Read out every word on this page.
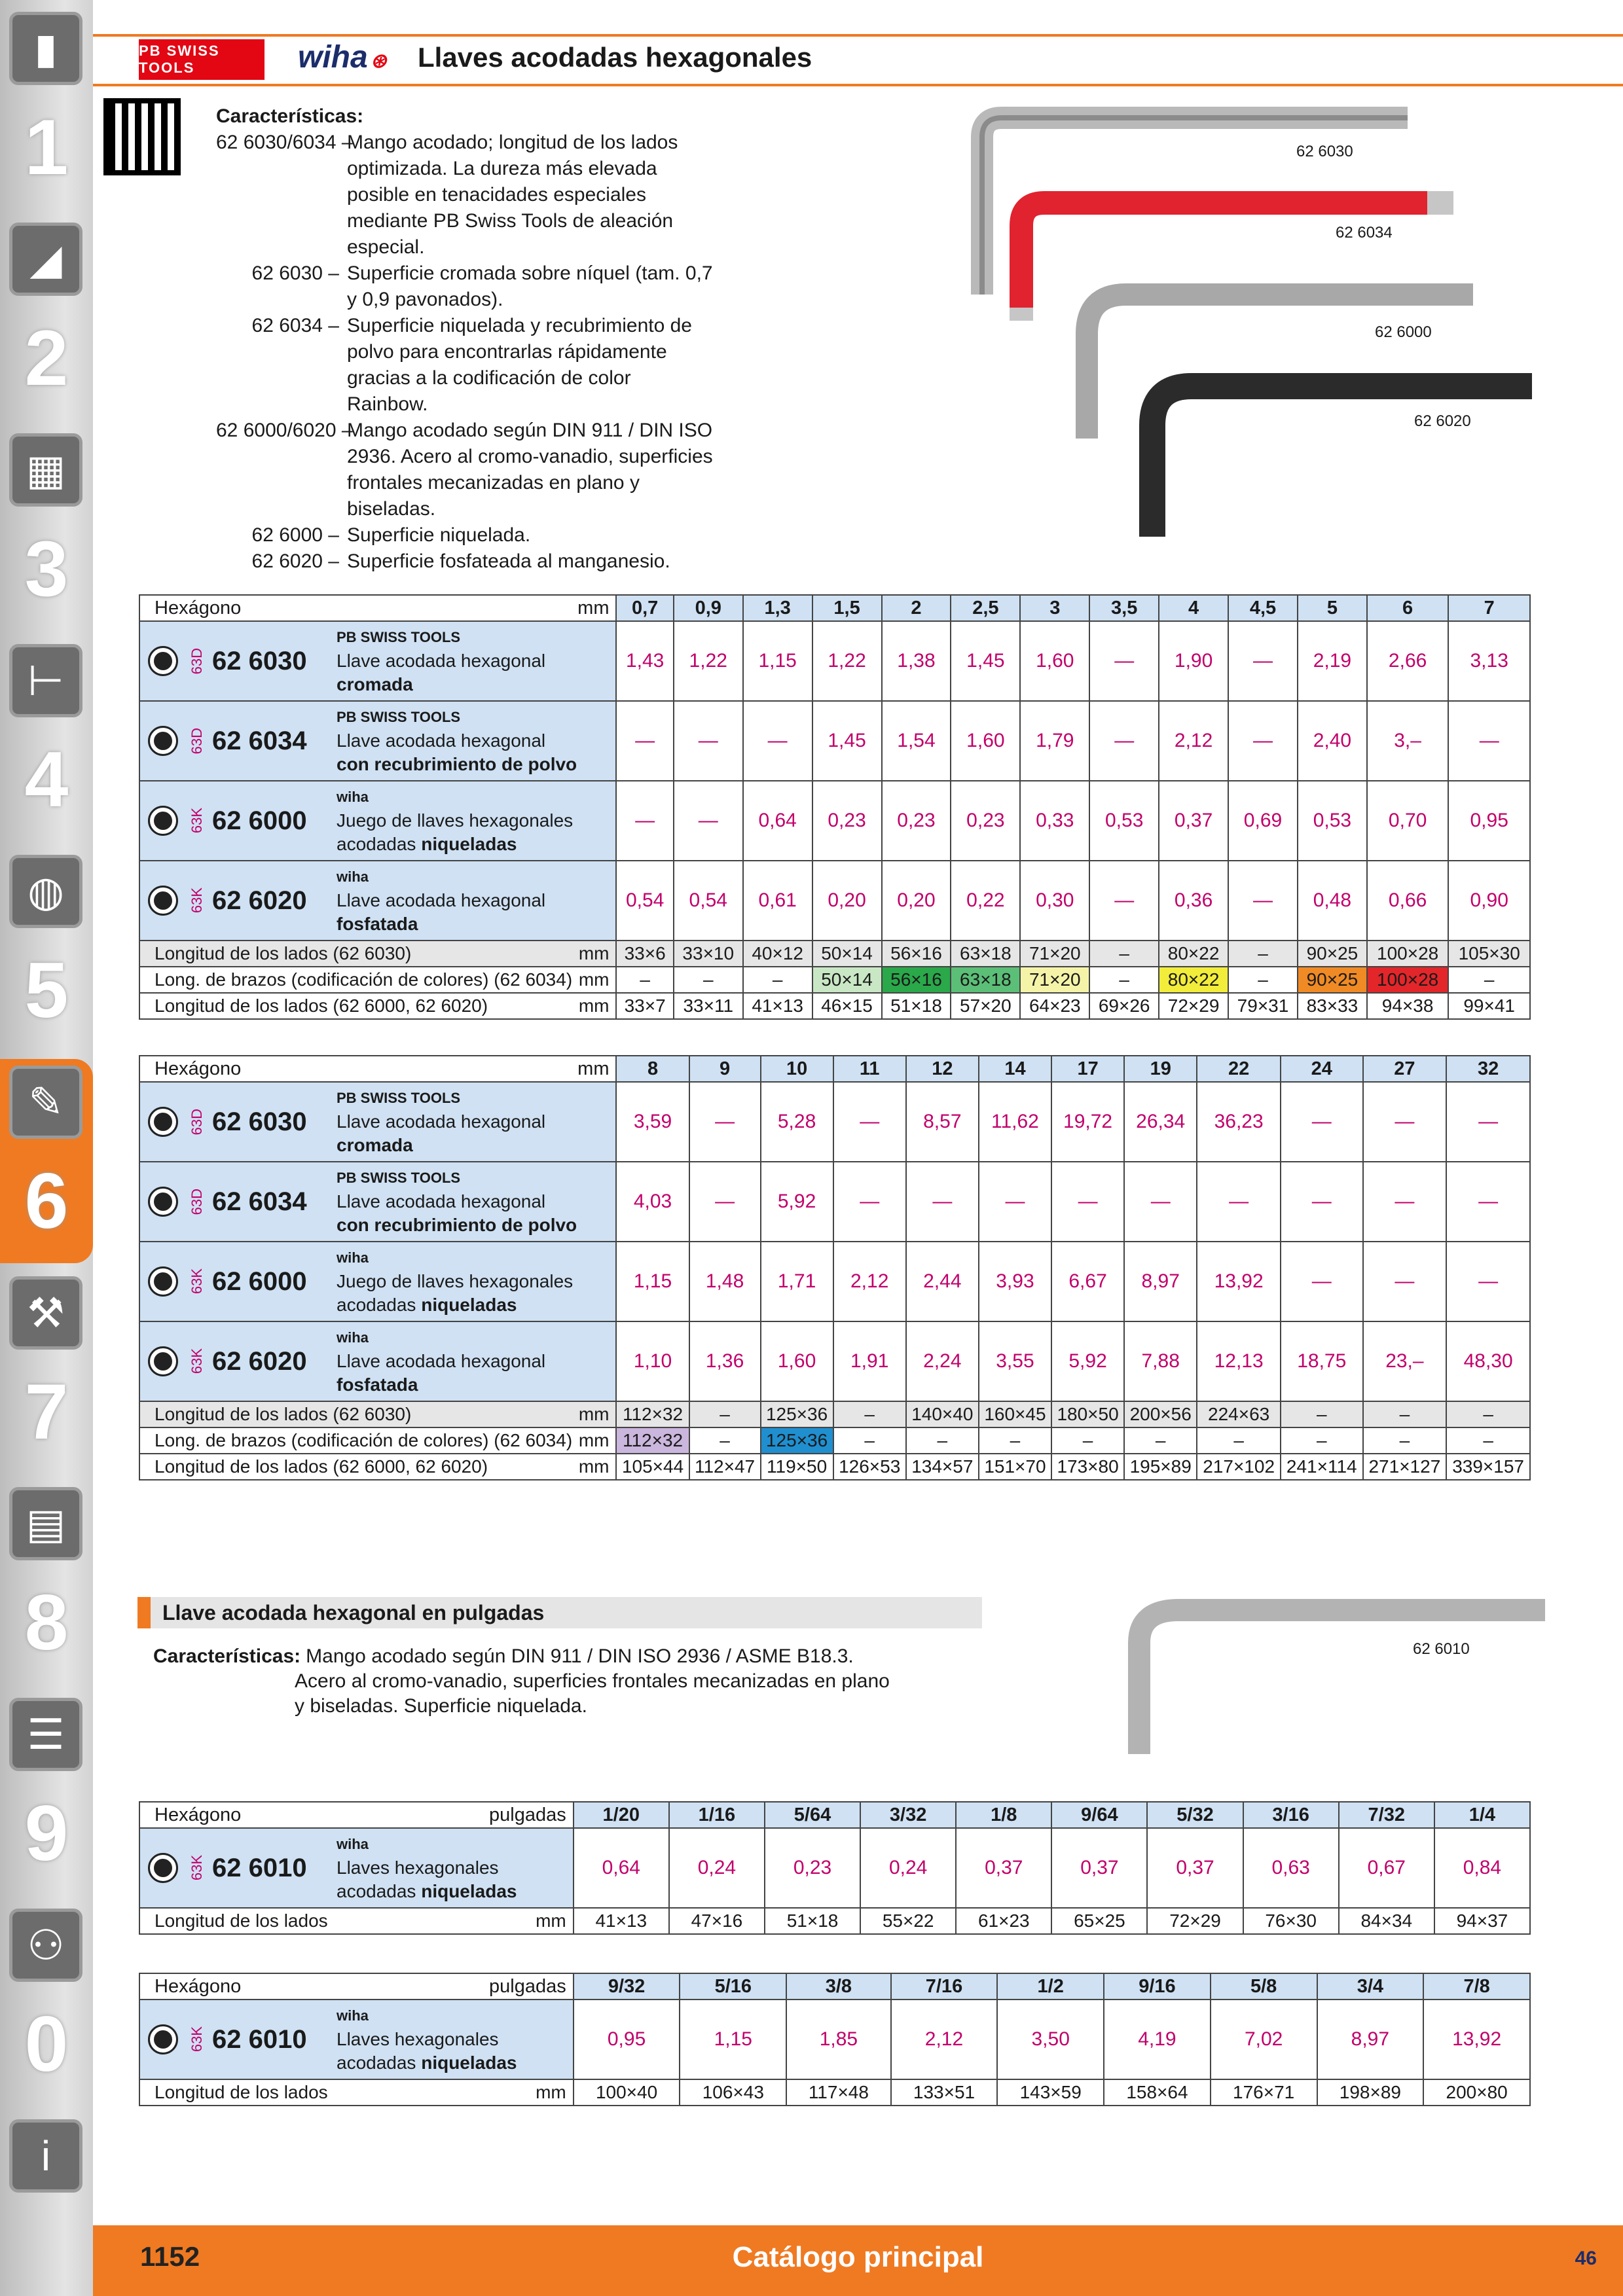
▮
1
◢
2
▦
3
⊢
4
◍
5
✎
6
⚒
7
▤
8
☰
9
⚇
0
i
PB SWISS TOOLS	wiha ⊛ Llaves acodadas hexagonales
Características:
62 6030/6034 –
Mango acodado; longitud de los lados optimizada. La dureza más elevada posible en tenacidades especiales mediante PB Swiss Tools de aleación especial.
62 6030 – Superficie cromada sobre níquel (tam. 0,7 y 0,9 pavonados).
62 6034 – Superficie niquelada y recubrimiento de polvo para encontrarlas rápidamente gracias a la codificación de color Rainbow.
62 6000/6020 –
Mango acodado según DIN 911 / DIN ISO 2936. Acero al cromo-vanadio, superficies frontales mecanizadas en plano y biseladas.
62 6000 – Superficie niquelada.
62 6020 – Superficie fosfateada al manganesio.
62 6030
62 6034
62 6000
62 6020
Hexágono	mm	0,7	0,9	1,3	1,5	2	2,5	3	3,5	4	4,5	5	6	7

63D 62 6030
PB SWISS TOOLS
Llave acodada hexagonal
cromada		1,43	1,22	1,15	1,22	1,38	1,45	1,60	—	1,90	—	2,19	2,66	3,13

63D 62 6034
PB SWISS TOOLS
Llave acodada hexagonal
con recubrimiento de polvo		—	—	—	1,45	1,54	1,60	1,79	—	2,12	—	2,40	3,–	—

63K 62 6000
wiha
Juego de llaves hexagonales
acodadas niqueladas		—	—	0,64	0,23	0,23	0,23	0,33	0,53	0,37	0,69	0,53	0,70	0,95

63K 62 6020
wiha
Llave acodada hexagonal
fosfatada		0,54	0,54	0,61	0,20	0,20	0,22	0,30	—	0,36	—	0,48	0,66	0,90
Longitud de los lados (62 6030)	mm	33×6	33×10	40×12	50×14	56×16	63×18	71×20	–	80×22	–	90×25	100×28	105×30
Long. de brazos (codificación de colores) (62 6034)	mm	–	–	–	50×14	56×16	63×18	71×20	–	80×22	–	90×25	100×28	–
Longitud de los lados (62 6000, 62 6020)	mm	33×7	33×11	41×13	46×15	51×18	57×20	64×23	69×26	72×29	79×31	83×33	94×38	99×41
Hexágono	mm	8	9	10	11	12	14	17	19	22	24	27	32

63D 62 6030
PB SWISS TOOLS
Llave acodada hexagonal
cromada		3,59	—	5,28	—	8,57	11,62	19,72	26,34	36,23	—	—	—

63D 62 6034
PB SWISS TOOLS
Llave acodada hexagonal
con recubrimiento de polvo		4,03	—	5,92	—	—	—	—	—	—	—	—	—

63K 62 6000
wiha
Juego de llaves hexagonales
acodadas niqueladas		1,15	1,48	1,71	2,12	2,44	3,93	6,67	8,97	13,92	—	—	—

63K 62 6020
wiha
Llave acodada hexagonal
fosfatada		1,10	1,36	1,60	1,91	2,24	3,55	5,92	7,88	12,13	18,75	23,–	48,30
Longitud de los lados (62 6030)	mm	112×32	–	125×36	–	140×40	160×45	180×50	200×56	224×63	–	–	–
Long. de brazos (codificación de colores) (62 6034)	mm	112×32	–	125×36	–	–	–	–	–	–	–	–	–
Longitud de los lados (62 6000, 62 6020)	mm	105×44	112×47	119×50	126×53	134×57	151×70	173×80	195×89	217×102	241×114	271×127	339×157
Llave acodada hexagonal en pulgadas
Características: Mango acodado según DIN 911 / DIN ISO 2936 / ASME B18.3.
Acero al cromo-vanadio, superficies frontales mecanizadas en plano
y biseladas. Superficie niquelada.
62 6010
Hexágono	pulgadas	1/20	1/16	5/64	3/32	1/8	9/64	5/32	3/16	7/32	1/4

63K 62 6010
wiha
Llaves hexagonales
acodadas niqueladas		0,64	0,24	0,23	0,24	0,37	0,37	0,37	0,63	0,67	0,84
Longitud de los lados	mm	41×13	47×16	51×18	55×22	61×23	65×25	72×29	76×30	84×34	94×37
Hexágono	pulgadas	9/32	5/16	3/8	7/16	1/2	9/16	5/8	3/4	7/8

63K 62 6010
wiha
Llaves hexagonales
acodadas niqueladas		0,95	1,15	1,85	2,12	3,50	4,19	7,02	8,97	13,92
Longitud de los lados	mm	100×40	106×43	117×48	133×51	143×59	158×64	176×71	198×89	200×80
1152	Catálogo principal	46
